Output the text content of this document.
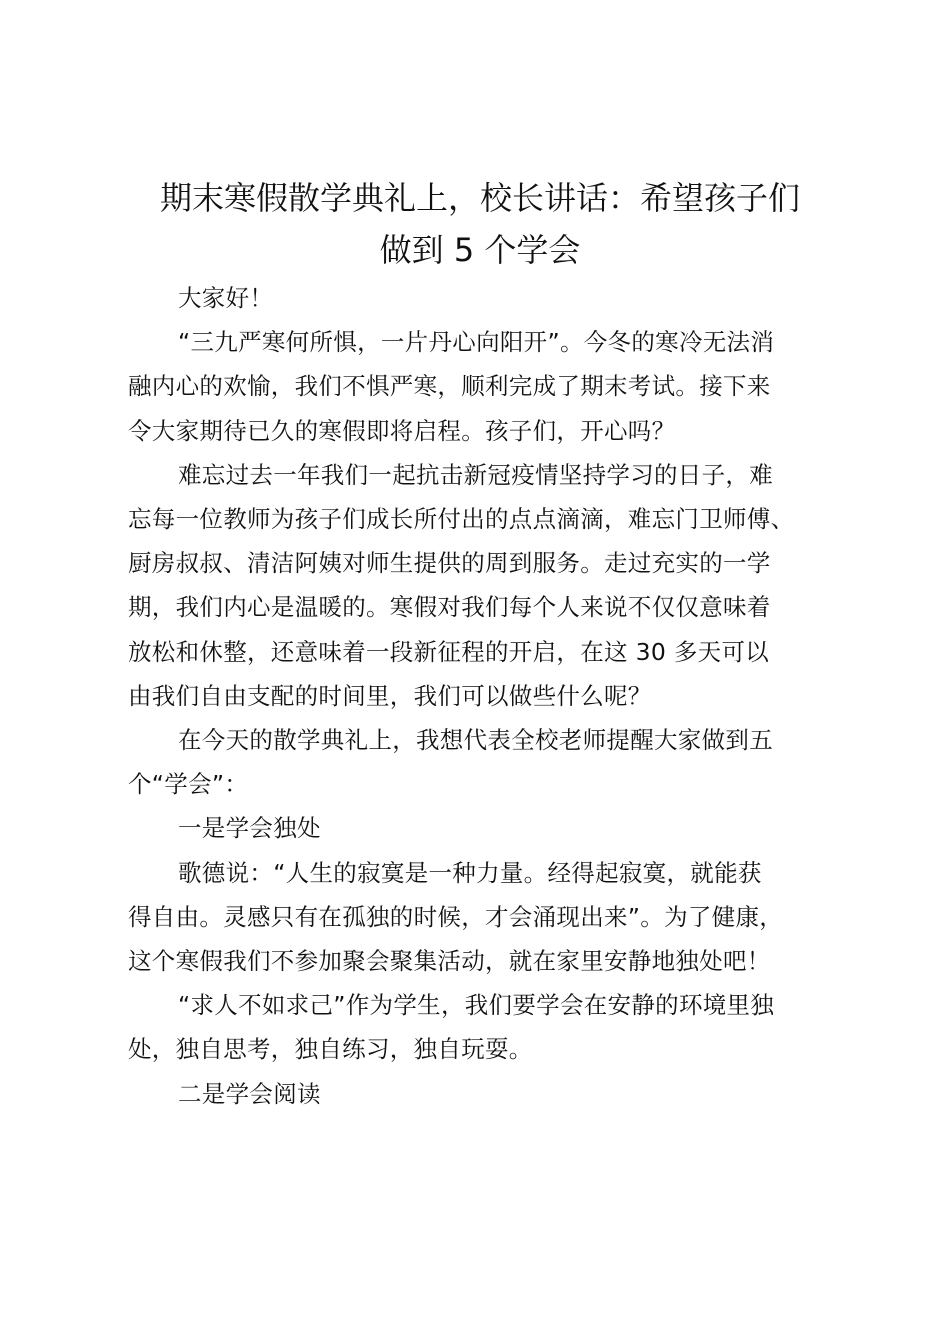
期末寒假散学典礼上，校长讲话：希望孩子们
做到 5 个学会

大家好！

“三九严寒何所惧，一片丹心向阳开”。今冬的寒冷无法消
融内心的欢愉，我们不惧严寒，顺利完成了期末考试。接下来
令大家期待已久的寒假即将启程。孩子们，开心吗？

难忘过去一年我们一起抗击新冠疫情坚持学习的日子，难
忘每一位教师为孩子们成长所付出的点点滴滴，难忘门卫师傅、
厨房叔叔、清洁阿姨对师生提供的周到服务。走过充实的一学
期，我们内心是温暖的。寒假对我们每个人来说不仅仅意味着
放松和休整，还意味着一段新征程的开启，在这 30 多天可以
由我们自由支配的时间里，我们可以做些什么呢？

在今天的散学典礼上，我想代表全校老师提醒大家做到五
个“学会”：

一是学会独处

歌德说：“人生的寂寞是一种力量。经得起寂寞，就能获
得自由。灵感只有在孤独的时候，才会涌现出来”。为了健康，
这个寒假我们不参加聚会聚集活动，就在家里安静地独处吧！

“求人不如求己”作为学生，我们要学会在安静的环境里独
处，独自思考，独自练习，独自玩耍。

二是学会阅读
